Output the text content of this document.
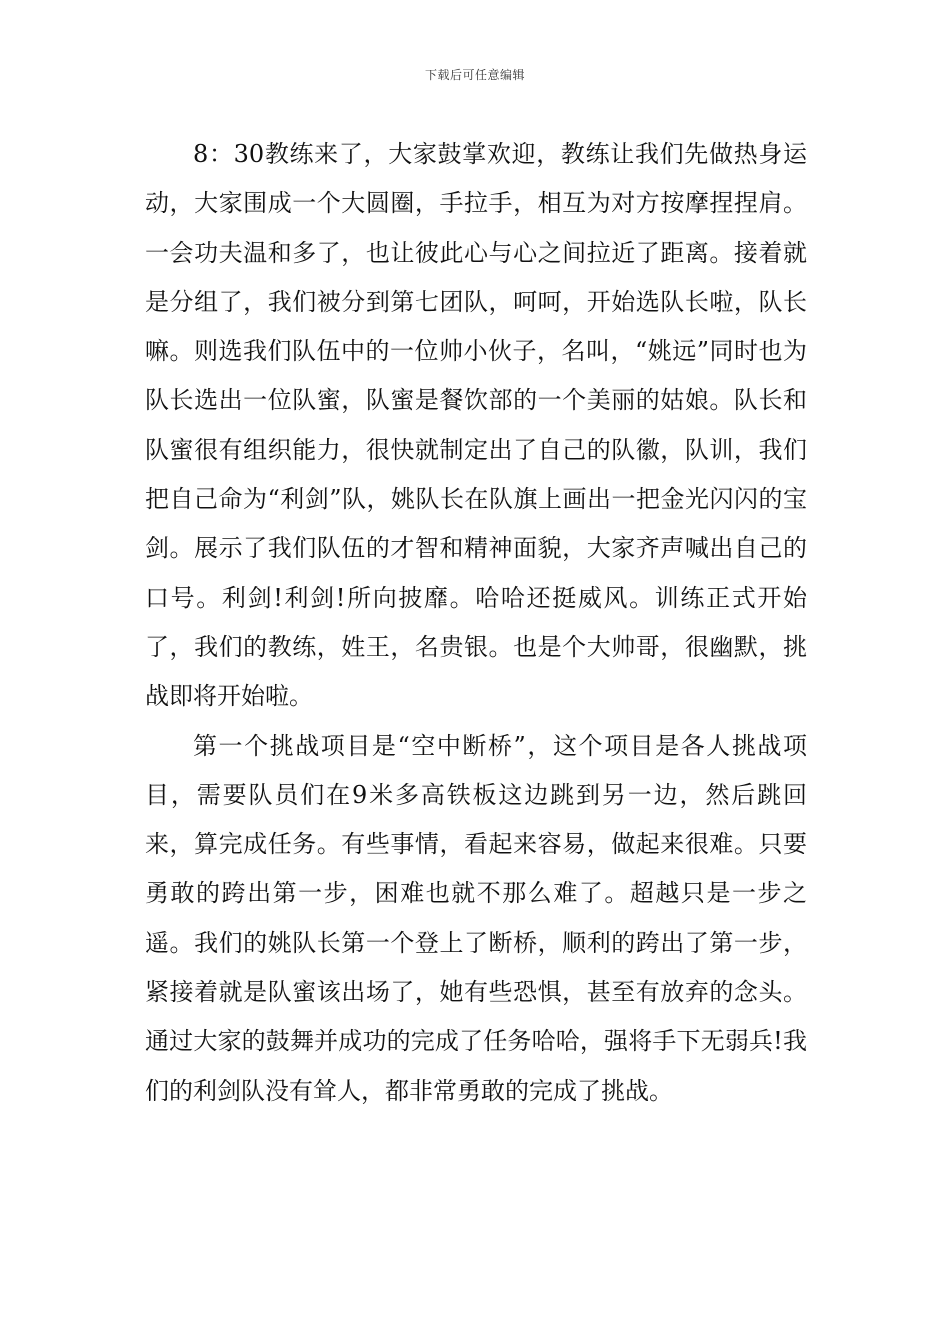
下载后可任意编辑

8：30教练来了，大家鼓掌欢迎，教练让我们先做热身运动，大家围成一个大圆圈，手拉手，相互为对方按摩捏捏肩。一会功夫温和多了，也让彼此心与心之间拉近了距离。接着就是分组了，我们被分到第七团队，呵呵，开始选队长啦，队长嘛。则选我们队伍中的一位帅小伙子，名叫，“姚远”同时也为队长选出一位队蜜，队蜜是餐饮部的一个美丽的姑娘。队长和队蜜很有组织能力，很快就制定出了自己的队徽，队训，我们把自己命为“利剑”队，姚队长在队旗上画出一把金光闪闪的宝剑。展示了我们队伍的才智和精神面貌，大家齐声喊出自己的口号。利剑!利剑!所向披靡。哈哈还挺威风。训练正式开始了，我们的教练，姓王，名贵银。也是个大帅哥，很幽默，挑战即将开始啦。

第一个挑战项目是“空中断桥”，这个项目是各人挑战项目，需要队员们在9米多高铁板这边跳到另一边，然后跳回来，算完成任务。有些事情，看起来容易，做起来很难。只要勇敢的跨出第一步，困难也就不那么难了。超越只是一步之遥。我们的姚队长第一个登上了断桥，顺利的跨出了第一步，紧接着就是队蜜该出场了，她有些恐惧，甚至有放弃的念头。通过大家的鼓舞并成功的完成了任务哈哈，强将手下无弱兵!我们的利剑队没有耸人，都非常勇敢的完成了挑战。
